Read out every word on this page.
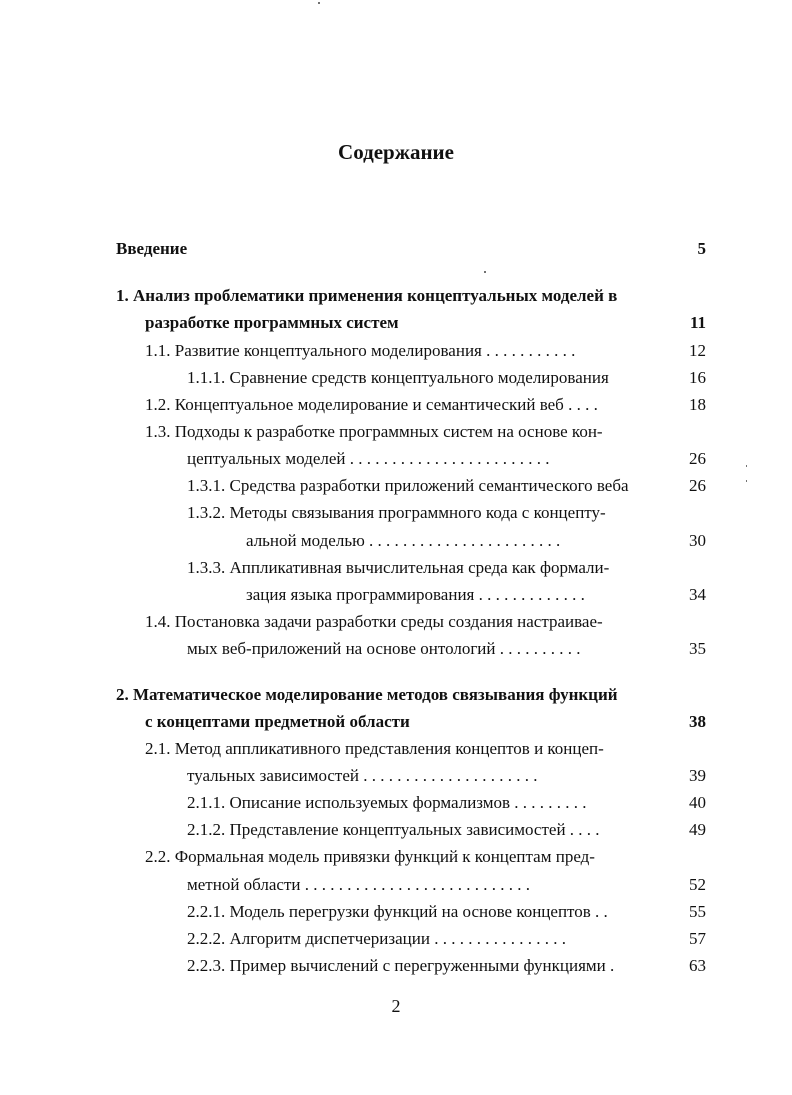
Содержание
Введение	5
1. Анализ проблематики применения концептуальных моделей в
разработке программных систем	11
1.1. Развитие концептуального моделирования . . . . . . . . . . .	12
1.1.1. Сравнение средств концептуального моделирования	16
1.2. Концептуальное моделирование и семантический веб . . . .	18
1.3. Подходы к разработке программных систем на основе кон-
цептуальных моделей . . . . . . . . . . . . . . . . . . . . . . . .	26
1.3.1. Средства разработки приложений семантического веба	26
1.3.2. Методы связывания программного кода с концепту-
альной моделью . . . . . . . . . . . . . . . . . . . . . . .	30
1.3.3. Аппликативная вычислительная среда как формали-
зация языка программирования . . . . . . . . . . . . .	34
1.4. Постановка задачи разработки среды создания настраивае-
мых веб-приложений на основе онтологий . . . . . . . . . .	35
2. Математическое моделирование методов связывания функций
с концептами предметной области	38
2.1. Метод аппликативного представления концептов и концеп-
туальных зависимостей . . . . . . . . . . . . . . . . . . . . .	39
2.1.1. Описание используемых формализмов . . . . . . . . .	40
2.1.2. Представление концептуальных зависимостей . . . .	49
2.2. Формальная модель привязки функций к концептам пред-
метной области . . . . . . . . . . . . . . . . . . . . . . . . . . .	52
2.2.1. Модель перегрузки функций на основе концептов . .	55
2.2.2. Алгоритм диспетчеризации . . . . . . . . . . . . . . . .	57
2.2.3. Пример вычислений с перегруженными функциями .	63
2
